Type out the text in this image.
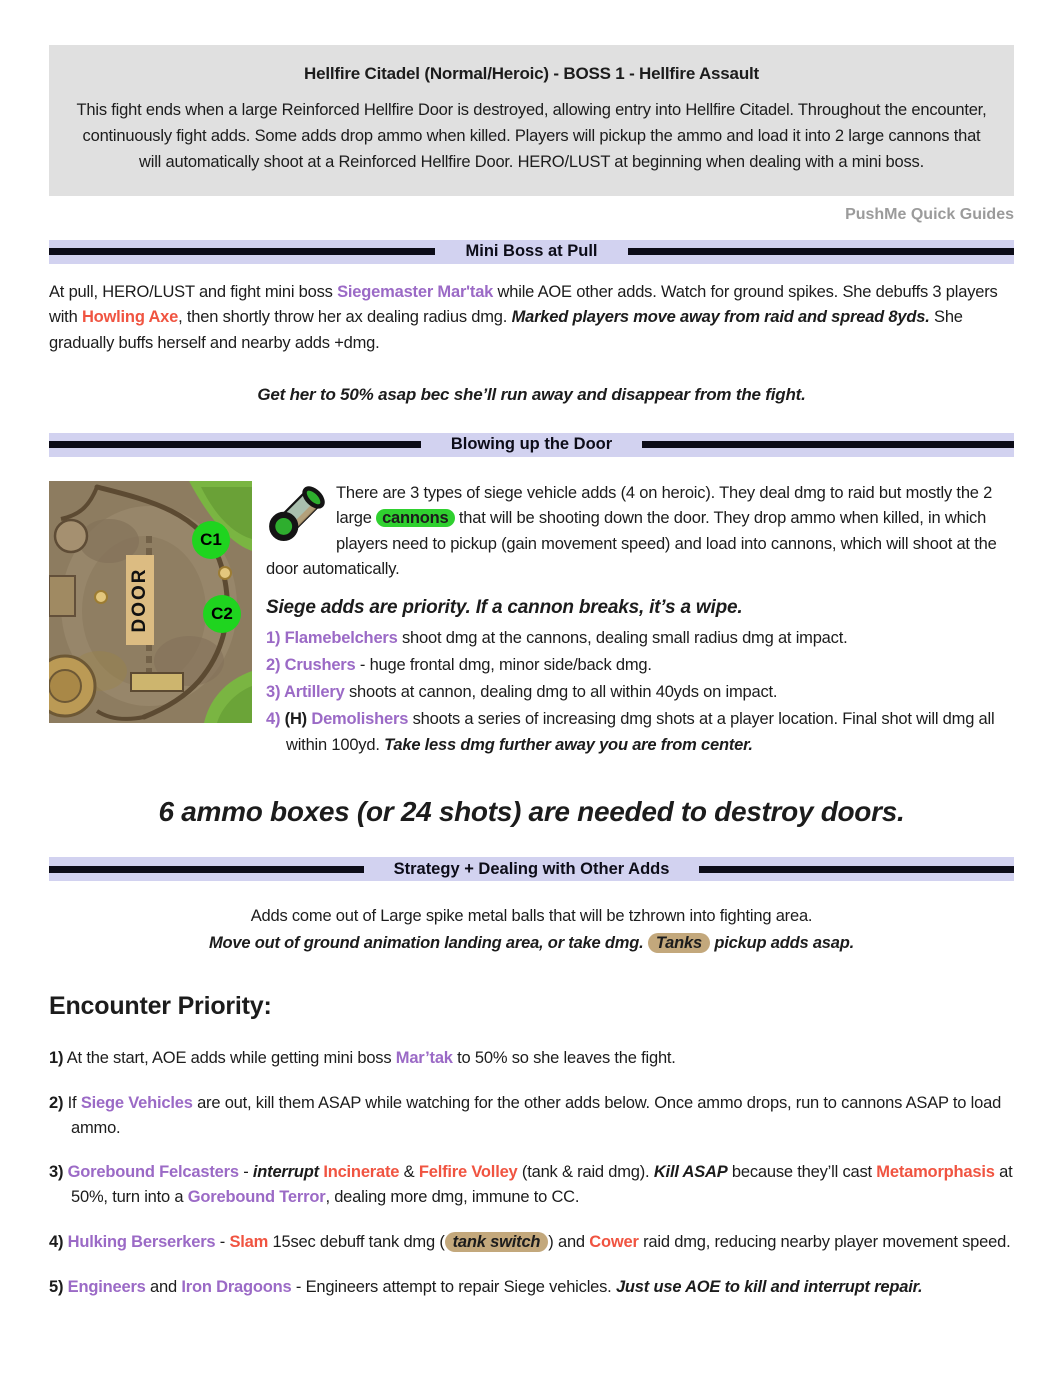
Hellfire Citadel (Normal/Heroic) - BOSS 1 - Hellfire Assault

This fight ends when a large Reinforced Hellfire Door is destroyed, allowing entry into Hellfire Citadel. Throughout the encounter, continuously fight adds. Some adds drop ammo when killed. Players will pickup the ammo and load it into 2 large cannons that will automatically shoot at a Reinforced Hellfire Door. HERO/LUST at beginning when dealing with a mini boss.

PushMe Quick Guides
Mini Boss at Pull

At pull, HERO/LUST and fight mini boss Siegemaster Mar'tak while AOE other adds. Watch for ground spikes. She debuffs 3 players with Howling Axe, then shortly throw her ax dealing radius dmg. Marked players move away from raid and spread 8yds. She gradually buffs herself and nearby adds +dmg.

Get her to 50% asap bec she’ll run away and disappear from the fight.

Blowing up the Door
DOOR
C1
C2

There are 3 types of siege vehicle adds (4 on heroic). They deal dmg to raid but mostly the 2 large cannons that will be shooting down the door. They drop ammo when killed, in which players need to pickup (gain movement speed) and load into cannons, which will shoot at the door automatically.

Siege adds are priority. If a cannon breaks, it’s a wipe.

1) Flamebelchers shoot dmg at the cannons, dealing small radius dmg at impact.
2) Crushers - huge frontal dmg, minor side/back dmg.
3) Artillery shoots at cannon, dealing dmg to all within 40yds on impact.
4) (H) Demolishers shoots a series of increasing dmg shots at a player location. Final shot will dmg all within 100yd. Take less dmg further away you are from center.

6 ammo boxes (or 24 shots) are needed to destroy doors.

Strategy + Dealing with Other Adds
Adds come out of Large spike metal balls that will be tzhrown into fighting area.
Move out of ground animation landing area, or take dmg. Tanks pickup adds asap.

Encounter Priority:

1) At the start, AOE adds while getting mini boss Mar’tak to 50% so she leaves the fight.
2) If Siege Vehicles are out, kill them ASAP while watching for the other adds below. Once ammo drops, run to cannons ASAP to load ammo.
3) Gorebound Felcasters - interrupt Incinerate & Felfire Volley (tank & raid dmg). Kill ASAP because they’ll cast Metamorphasis at 50%, turn into a Gorebound Terror, dealing more dmg, immune to CC.
4) Hulking Berserkers - Slam 15sec debuff tank dmg ( tank switch ) and Cower raid dmg, reducing nearby player movement speed.
5) Engineers and Iron Dragoons - Engineers attempt to repair Siege vehicles. Just use AOE to kill and interrupt repair.
